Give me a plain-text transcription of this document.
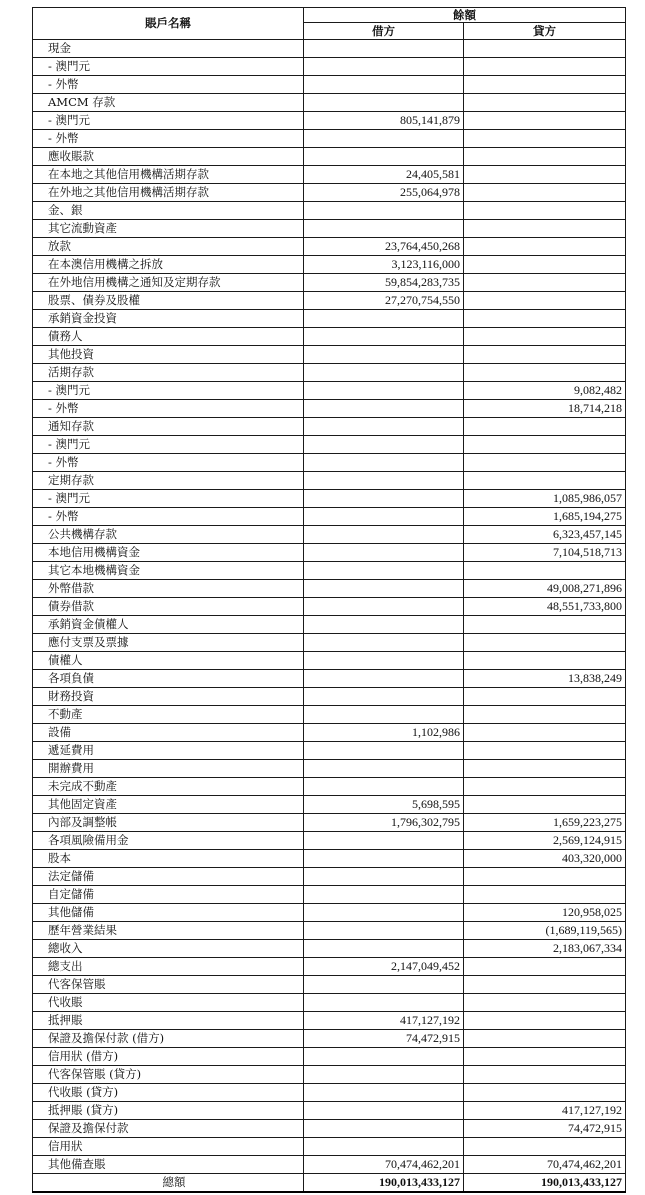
賬戶名稱	餘額	
	借方	貸方
現金		
- 澳門元		
- 外幣		
AMCM 存款		
- 澳門元	805,141,879	
- 外幣		
應收賬款		
在本地之其他信用機構活期存款	24,405,581	
在外地之其他信用機構活期存款	255,064,978	
金、銀		
其它流動資產		
放款	23,764,450,268	
在本澳信用機構之拆放	3,123,116,000	
在外地信用機構之通知及定期存款	59,854,283,735	
股票、債券及股權	27,270,754,550	
承銷資金投資		
債務人		
其他投資		
活期存款		
- 澳門元		9,082,482
- 外幣		18,714,218
通知存款		
- 澳門元		
- 外幣		
定期存款		
- 澳門元		1,085,986,057
- 外幣		1,685,194,275
公共機構存款		6,323,457,145
本地信用機構資金		7,104,518,713
其它本地機構資金		
外幣借款		49,008,271,896
債券借款		48,551,733,800
承銷資金債權人		
應付支票及票據		
債權人		
各項負債		13,838,249
財務投資		
不動產		
設備	1,102,986	
遞延費用		
開辦費用		
未完成不動產		
其他固定資產	5,698,595	
內部及調整帳	1,796,302,795	1,659,223,275
各項風險備用金		2,569,124,915
股本		403,320,000
法定儲備		
自定儲備		
其他儲備		120,958,025
歷年營業結果		(1,689,119,565)
總收入		2,183,067,334
總支出	2,147,049,452	
代客保管賬		
代收賬		
抵押賬	417,127,192	
保證及擔保付款 (借方)	74,472,915	
信用狀 (借方)		
代客保管賬 (貸方)		
代收賬 (貸方)		
抵押賬 (貸方)		417,127,192
保證及擔保付款		74,472,915
信用狀		
其他備查賬	70,474,462,201	70,474,462,201
總額	190,013,433,127	190,013,433,127
